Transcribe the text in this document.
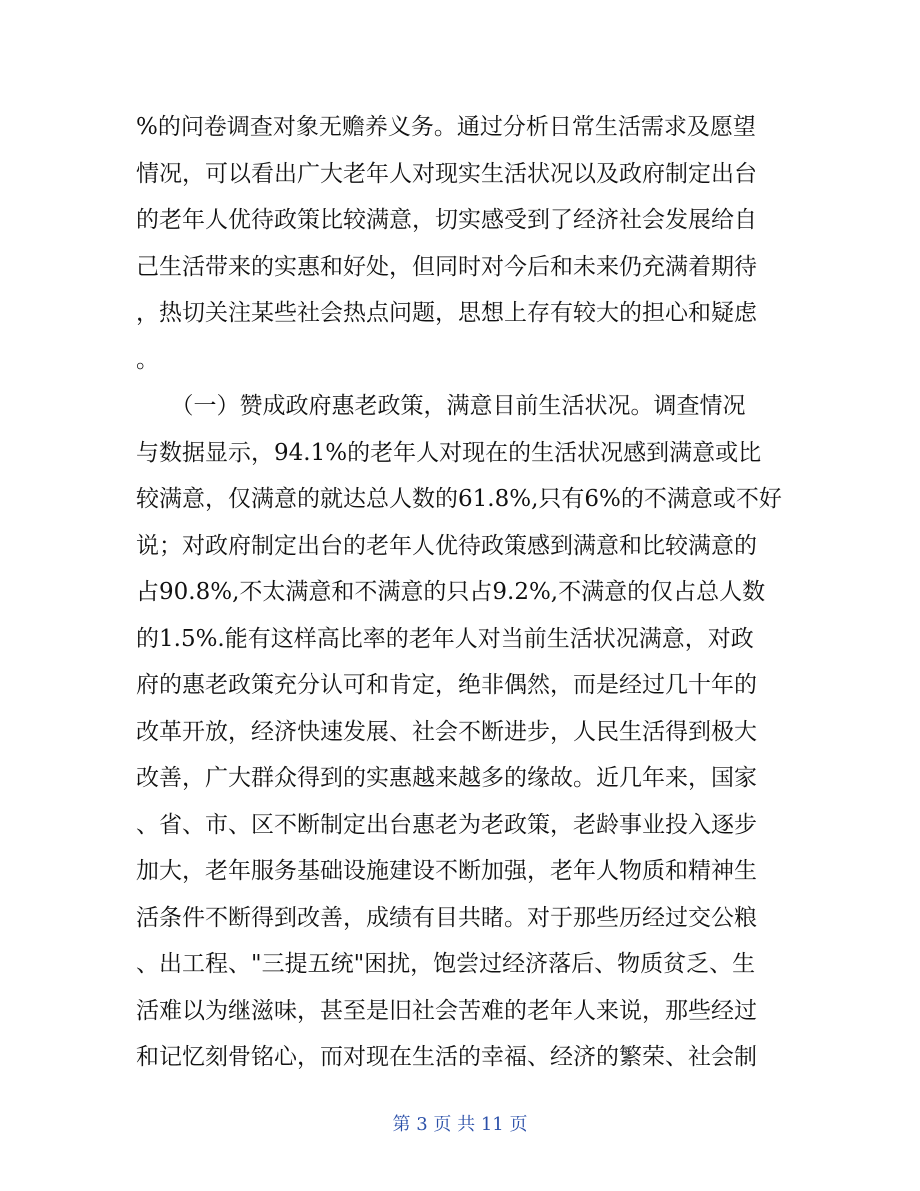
%的问卷调查对象无赡养义务。通过分析日常生活需求及愿望
情况，可以看出广大老年人对现实生活状况以及政府制定出台
的老年人优待政策比较满意，切实感受到了经济社会发展给自
己生活带来的实惠和好处，但同时对今后和未来仍充满着期待
，热切关注某些社会热点问题，思想上存有较大的担心和疑虑
。
　　（一）赞成政府惠老政策，满意目前生活状况。调查情况
与数据显示，94.1%的老年人对现在的生活状况感到满意或比
较满意，仅满意的就达总人数的61.8%,只有6%的不满意或不好
说；对政府制定出台的老年人优待政策感到满意和比较满意的
占90.8%,不太满意和不满意的只占9.2%,不满意的仅占总人数
的1.5%.能有这样高比率的老年人对当前生活状况满意，对政
府的惠老政策充分认可和肯定，绝非偶然，而是经过几十年的
改革开放，经济快速发展、社会不断进步，人民生活得到极大
改善，广大群众得到的实惠越来越多的缘故。近几年来，国家
、省、市、区不断制定出台惠老为老政策，老龄事业投入逐步
加大，老年服务基础设施建设不断加强，老年人物质和精神生
活条件不断得到改善，成绩有目共睹。对于那些历经过交公粮
、出工程、"三提五统"困扰，饱尝过经济落后、物质贫乏、生
活难以为继滋味，甚至是旧社会苦难的老年人来说，那些经过
和记忆刻骨铭心，而对现在生活的幸福、经济的繁荣、社会制
第 3 页 共 11 页
